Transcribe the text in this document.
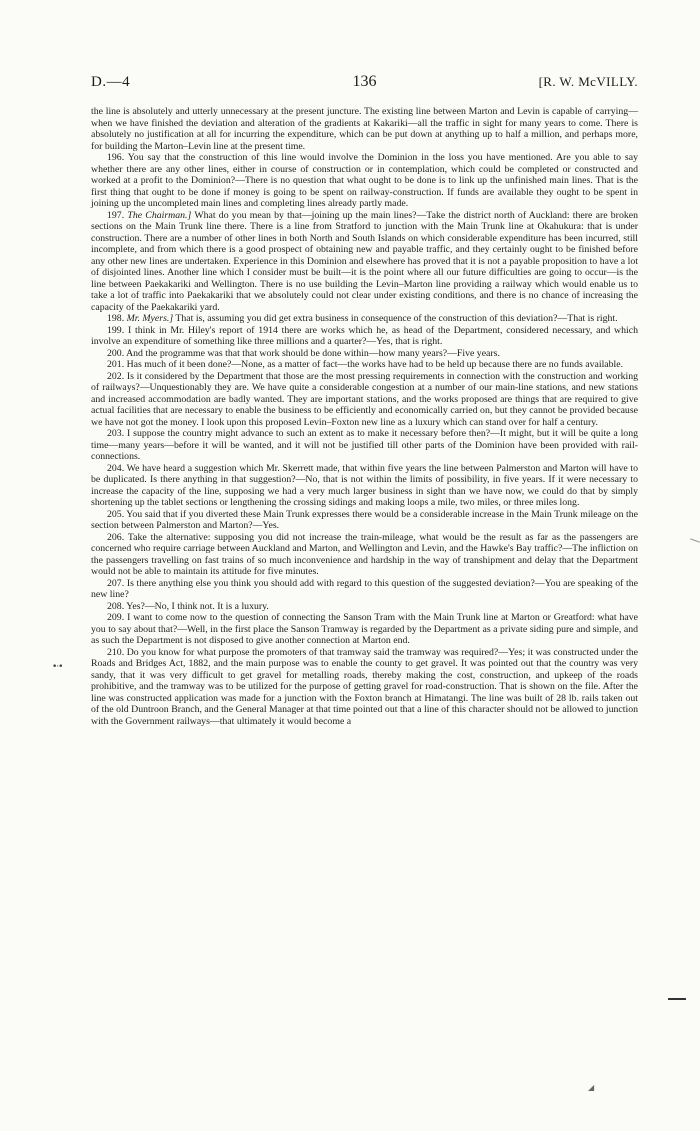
D.—4	136	[R. W. McVILLY.

the line is absolutely and utterly unnecessary at the present juncture. The existing line between Marton and Levin is capable of carrying—when we have finished the deviation and alteration of the gradients at Kakariki—all the traffic in sight for many years to come. There is absolutely no justification at all for incurring the expenditure, which can be put down at anything up to half a million, and perhaps more, for building the Marton–Levin line at the present time.

196. You say that the construction of this line would involve the Dominion in the loss you have mentioned. Are you able to say whether there are any other lines, either in course of construction or in contemplation, which could be completed or constructed and worked at a profit to the Dominion?—There is no question that what ought to be done is to link up the unfinished main lines. That is the first thing that ought to be done if money is going to be spent on railway-construction. If funds are available they ought to be spent in joining up the uncompleted main lines and completing lines already partly made.

197. The Chairman.] What do you mean by that—joining up the main lines?—Take the district north of Auckland: there are broken sections on the Main Trunk line there. There is a line from Stratford to junction with the Main Trunk line at Okahukura: that is under construction. There are a number of other lines in both North and South Islands on which considerable expenditure has been incurred, still incomplete, and from which there is a good prospect of obtaining new and payable traffic, and they certainly ought to be finished before any other new lines are undertaken. Experience in this Dominion and elsewhere has proved that it is not a payable proposition to have a lot of disjointed lines. Another line which I consider must be built—it is the point where all our future difficulties are going to occur—is the line between Paekakariki and Wellington. There is no use building the Levin–Marton line providing a railway which would enable us to take a lot of traffic into Paekakariki that we absolutely could not clear under existing conditions, and there is no chance of increasing the capacity of the Paekakariki yard.

198. Mr. Myers.] That is, assuming you did get extra business in consequence of the construction of this deviation?—That is right.

199. I think in Mr. Hiley's report of 1914 there are works which he, as head of the Department, considered necessary, and which involve an expenditure of something like three millions and a quarter?—Yes, that is right.

200. And the programme was that that work should be done within—how many years?—Five years.

201. Has much of it been done?—None, as a matter of fact—the works have had to be held up because there are no funds available.

202. Is it considered by the Department that those are the most pressing requirements in connection with the construction and working of railways?—Unquestionably they are. We have quite a considerable congestion at a number of our main-line stations, and new stations and increased accommodation are badly wanted. They are important stations, and the works proposed are things that are required to give actual facilities that are necessary to enable the business to be efficiently and economically carried on, but they cannot be provided because we have not got the money. I look upon this proposed Levin–Foxton new line as a luxury which can stand over for half a century.

203. I suppose the country might advance to such an extent as to make it necessary before then?—It might, but it will be quite a long time—many years—before it will be wanted, and it will not be justified till other parts of the Dominion have been provided with rail-connections.

204. We have heard a suggestion which Mr. Skerrett made, that within five years the line between Palmerston and Marton will have to be duplicated. Is there anything in that suggestion?—No, that is not within the limits of possibility, in five years. If it were necessary to increase the capacity of the line, supposing we had a very much larger business in sight than we have now, we could do that by simply shortening up the tablet sections or lengthening the crossing sidings and making loops a mile, two miles, or three miles long.

205. You said that if you diverted these Main Trunk expresses there would be a considerable increase in the Main Trunk mileage on the section between Palmerston and Marton?—Yes.

206. Take the alternative: supposing you did not increase the train-mileage, what would be the result as far as the passengers are concerned who require carriage between Auckland and Marton, and Wellington and Levin, and the Hawke's Bay traffic?—The infliction on the passengers travelling on fast trains of so much inconvenience and hardship in the way of transhipment and delay that the Department would not be able to maintain its attitude for five minutes.

207. Is there anything else you think you should add with regard to this question of the suggested deviation?—You are speaking of the new line?

208. Yes?—No, I think not. It is a luxury.

209. I want to come now to the question of connecting the Sanson Tram with the Main Trunk line at Marton or Greatford: what have you to say about that?—Well, in the first place the Sanson Tramway is regarded by the Department as a private siding pure and simple, and as such the Department is not disposed to give another connection at Marton end.

210. Do you know for what purpose the promoters of that tramway said the tramway was required?—Yes; it was constructed under the Roads and Bridges Act, 1882, and the main purpose was to enable the county to get gravel. It was pointed out that the country was very sandy, that it was very difficult to get gravel for metalling roads, thereby making the cost, construction, and upkeep of the roads prohibitive, and the tramway was to be utilized for the purpose of getting gravel for road-construction. That is shown on the file. After the line was constructed application was made for a junction with the Foxton branch at Himatangi. The line was built of 28 lb. rails taken out of the old Duntroon Branch, and the General Manager at that time pointed out that a line of this character should not be allowed to junction with the Government railways—that ultimately it would become a

•·•
◢
